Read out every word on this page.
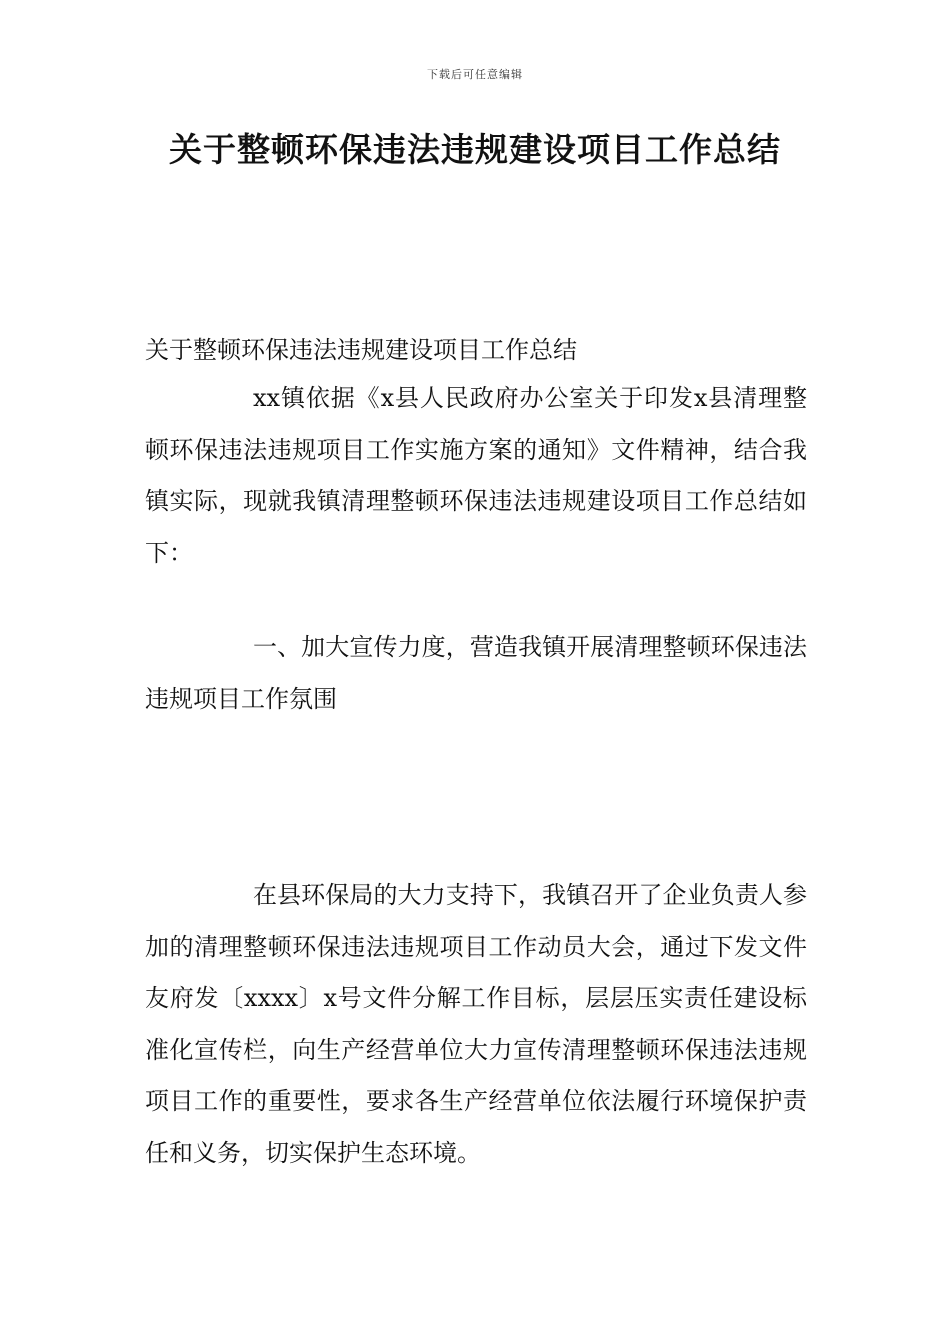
下载后可任意编辑
关于整顿环保违法违规建设项目工作总结
关于整顿环保违法违规建设项目工作总结

xx镇依据《x县人民政府办公室关于印发x县清理整顿环保违法违规项目工作实施方案的通知》文件精神，结合我镇实际，现就我镇清理整顿环保违法违规建设项目工作总结如下：

一、加大宣传力度，营造我镇开展清理整顿环保违法违规项目工作氛围

在县环保局的大力支持下，我镇召开了企业负责人参加的清理整顿环保违法违规项目工作动员大会，通过下发文件友府发〔xxxx〕x号文件分解工作目标，层层压实责任建设标准化宣传栏，向生产经营单位大力宣传清理整顿环保违法违规项目工作的重要性，要求各生产经营单位依法履行环境保护责任和义务，切实保护生态环境。
